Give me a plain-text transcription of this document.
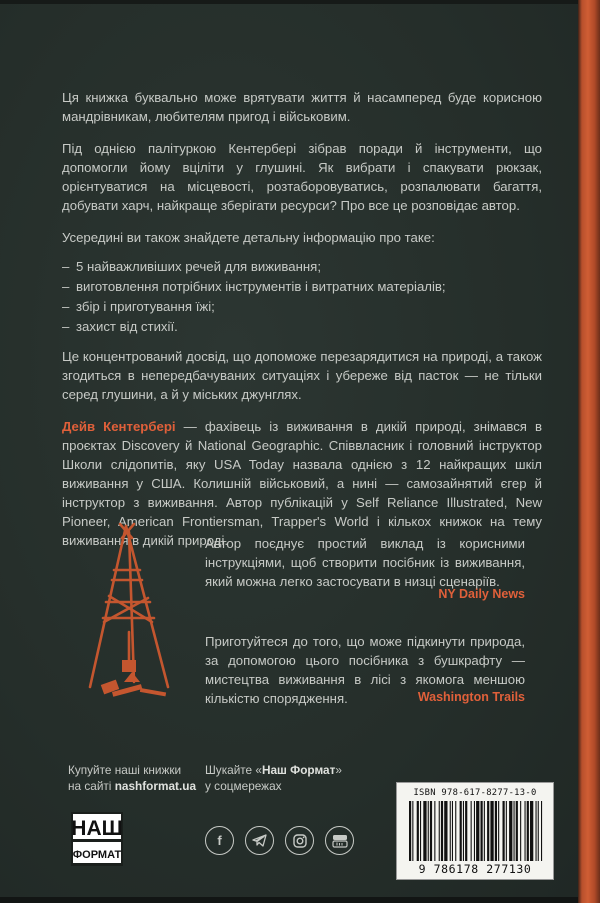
Ця книжка буквально може врятувати життя й насамперед буде корисною мандрівникам, любителям пригод і військовим.

Під однією палітуркою Кентербері зібрав поради й інструменти, що допомогли йому вціліти у глушині. Як вибрати і спакувати рюкзак, орієнтуватися на місцевості, розтабоpовуватись, розпалювати багаття, добувати харч, найкраще зберігати ресурси? Про все це розповідає автор.

Усередині ви також знайдете детальну інформацію про таке:

– 5 найважливіших речей для виживання;
– виготовлення потрібних інструментів і витратних матеріалів;
– збір і приготування їжі;
– захист від стихії.

Це концентрований досвід, що допоможе перезарядитися на природі, а також згодиться в непередбачуваних ситуаціях і убереже від пасток — не тільки серед глушини, а й у міських джунглях.

Дейв Кентербері — фахівець із виживання в дикій природі, знімався в проєктах Discovery й National Geographic. Співвласник і головний інструктор Школи слідопитів, яку USA Today назвала однією з 12 найкращих шкіл виживання у США. Колишній військовий, а нині — самозайнятий єгер й інструктор з виживання. Автор публікацій у Self Reliance Illustrated, New Pioneer, American Frontiersman, Trapper's World і кількох книжок на тему виживання в дикій природі.

Автор поєднує простий виклад із корисними інструкціями, щоб створити посібник із виживання, який можна легко застосувати в низці сценаріїв.
NY Daily News
Приготуйтеся до того, що може підкинути природа, за допомогою цього посібника з бушкрафту — мистецтва виживання в лісі з якомога меншою кількістю спорядження.	Washington Trails
Купуйте наші книжки
на сайті nashformat.ua
НАШ
ФОРМАТ
Шукайте «Наш Формат»
у соцмережах
f
ISBN 978-617-8277-13-0
9 786178 277130
